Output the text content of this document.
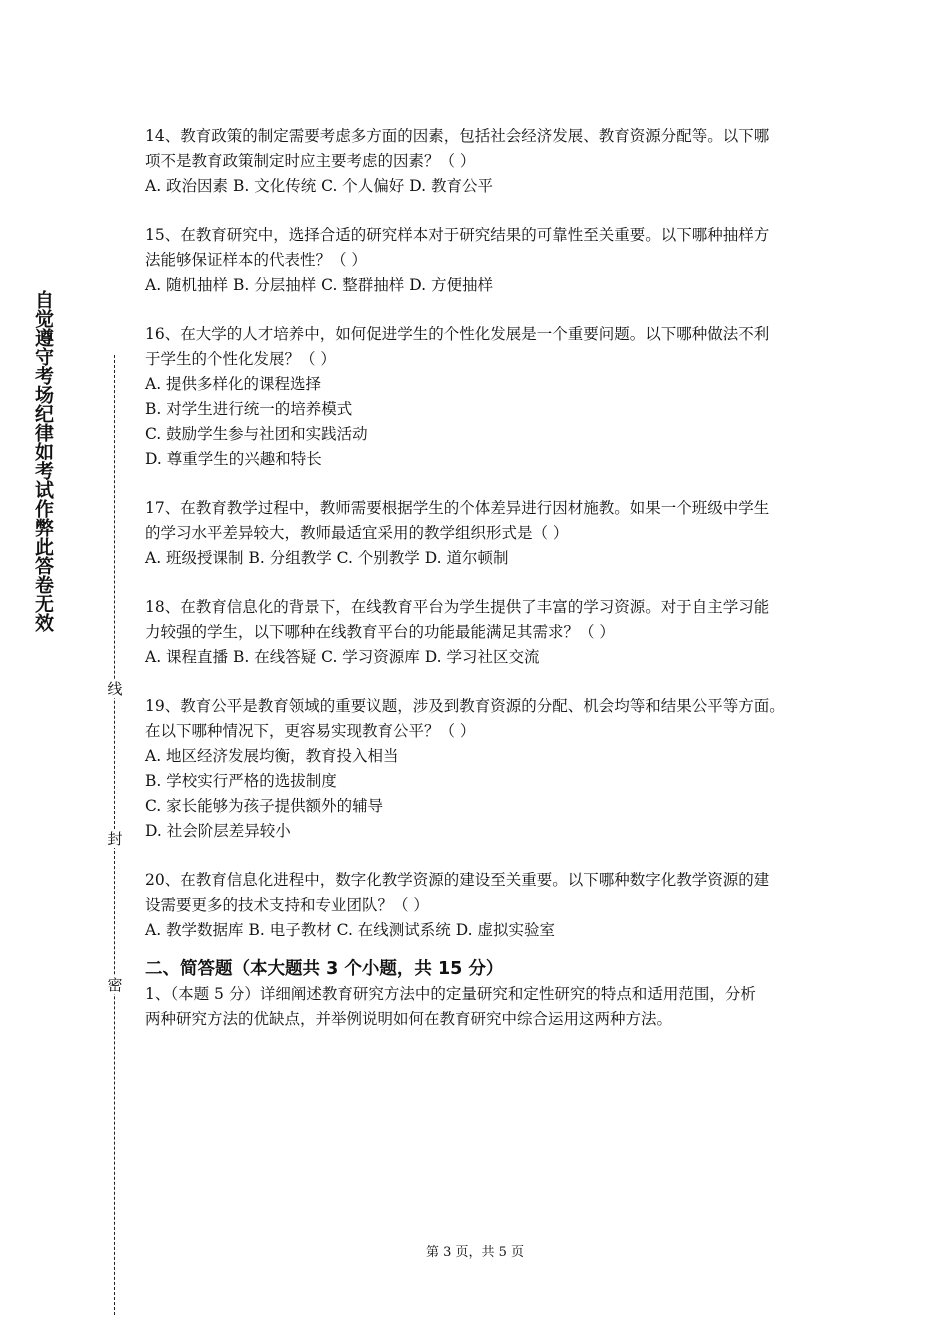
自觉遵守考场纪律如考试作弊此答卷无效
线
封
密

14、教育政策的制定需要考虑多方面的因素，包括社会经济发展、教育资源分配等。以下哪

项不是教育政策制定时应主要考虑的因素？（ ）

A. 政治因素 B. 文化传统 C. 个人偏好 D. 教育公平

15、在教育研究中，选择合适的研究样本对于研究结果的可靠性至关重要。以下哪种抽样方

法能够保证样本的代表性？（ ）

A. 随机抽样 B. 分层抽样 C. 整群抽样 D. 方便抽样

16、在大学的人才培养中，如何促进学生的个性化发展是一个重要问题。以下哪种做法不利

于学生的个性化发展？（ ）

A. 提供多样化的课程选择

B. 对学生进行统一的培养模式

C. 鼓励学生参与社团和实践活动

D. 尊重学生的兴趣和特长

17、在教育教学过程中，教师需要根据学生的个体差异进行因材施教。如果一个班级中学生

的学习水平差异较大，教师最适宜采用的教学组织形式是（ ）

A. 班级授课制 B. 分组教学 C. 个别教学 D. 道尔顿制

18、在教育信息化的背景下，在线教育平台为学生提供了丰富的学习资源。对于自主学习能

力较强的学生，以下哪种在线教育平台的功能最能满足其需求？（ ）

A. 课程直播 B. 在线答疑 C. 学习资源库 D. 学习社区交流

19、教育公平是教育领域的重要议题，涉及到教育资源的分配、机会均等和结果公平等方面。

在以下哪种情况下，更容易实现教育公平？（ ）

A. 地区经济发展均衡，教育投入相当

B. 学校实行严格的选拔制度

C. 家长能够为孩子提供额外的辅导

D. 社会阶层差异较小

20、在教育信息化进程中，数字化教学资源的建设至关重要。以下哪种数字化教学资源的建

设需要更多的技术支持和专业团队？（ ）

A. 教学数据库 B. 电子教材 C. 在线测试系统 D. 虚拟实验室

二、简答题（本大题共 3 个小题，共 15 分）

1、（本题 5 分）详细阐述教育研究方法中的定量研究和定性研究的特点和适用范围，分析

两种研究方法的优缺点，并举例说明如何在教育研究中综合运用这两种方法。

第 3 页，共 5 页
